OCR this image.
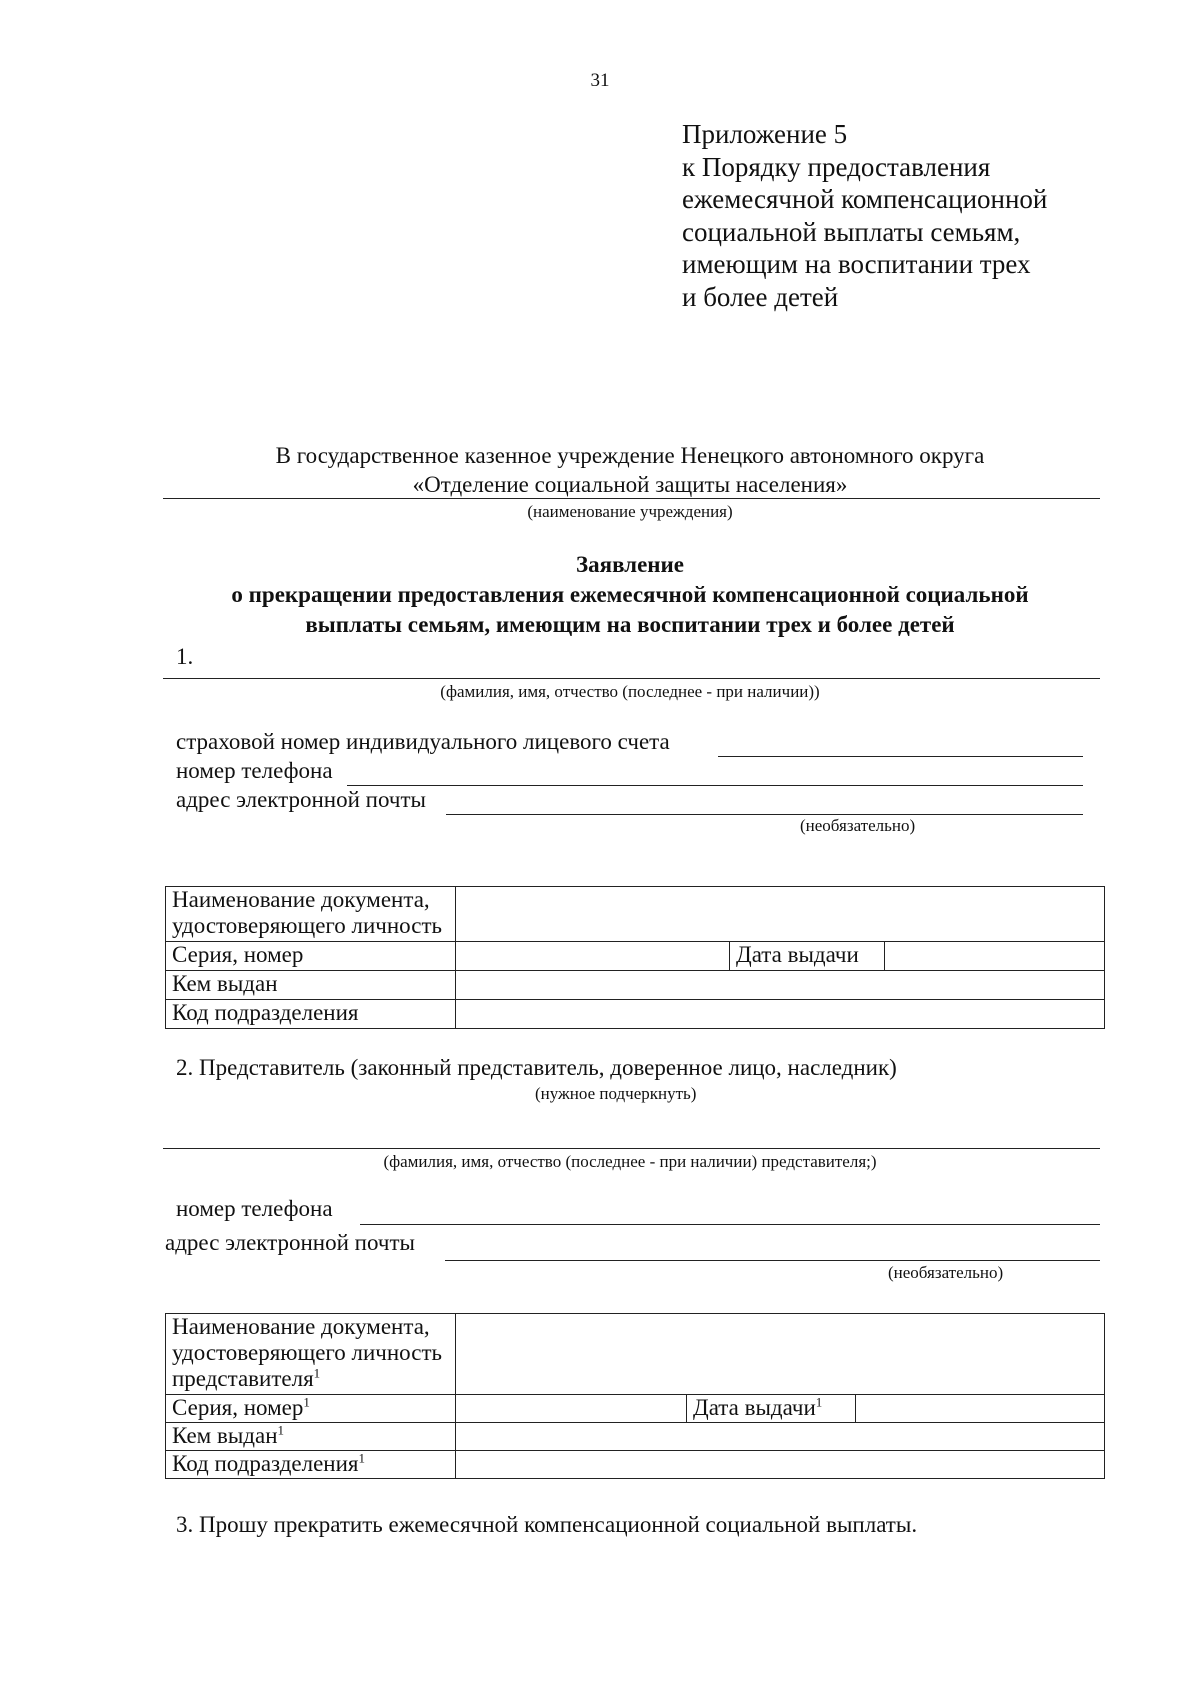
31
Приложение 5
к Порядку предоставления
ежемесячной компенсационной
социальной выплаты семьям,
имеющим на воспитании трех
и более детей
В государственное казенное учреждение Ненецкого автономного округа
«Отделение социальной защиты населения»
(наименование учреждения)
Заявление
о прекращении предоставления ежемесячной компенсационной социальной
выплаты семьям, имеющим на воспитании трех и более детей
1.
(фамилия, имя, отчество (последнее - при наличии))
страховой номер индивидуального лицевого счета
номер телефона
адрес электронной почты
(необязательно)
Наименование документа,
удостоверяющего личность			

Серия, номер		Дата выдачи	
Кем выдан			
Код подразделения			
2. Представитель (законный представитель, доверенное лицо, наследник)
(нужное подчеркнуть)
(фамилия, имя, отчество (последнее - при наличии) представителя;)
номер телефона
адрес электронной почты
(необязательно)
Наименование документа,
удостоверяющего личность
представителя$^1$

Серия, номер$^1$		Дата выдачи$^1$	
Кем выдан$^1$	
Код подразделения$^1$	
3. Прошу прекратить ежемесячной компенсационной социальной выплаты.
